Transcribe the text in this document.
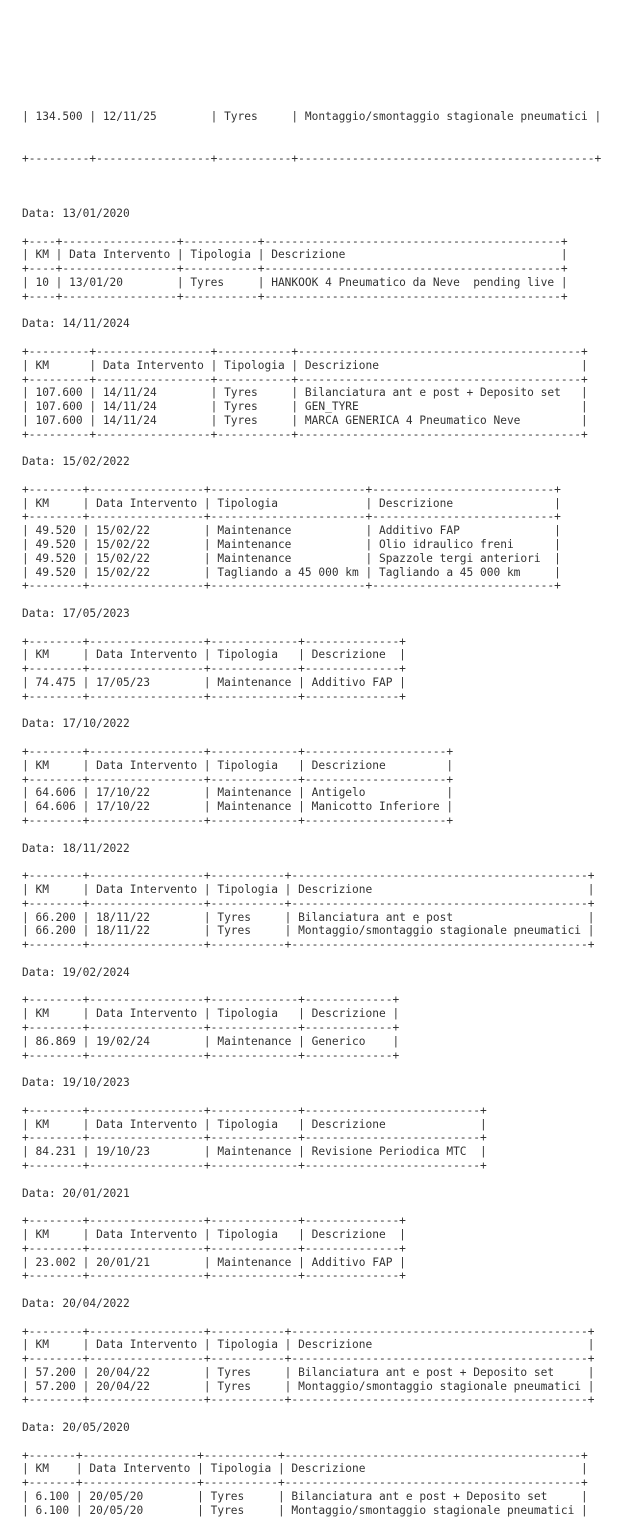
| 134.500 | 12/11/25        | Tyres     | Montaggio/smontaggio stagionale pneumatici |

+---------+-----------------+-----------+--------------------------------------------+

Data: 13/01/2020
+----+-----------------+-----------+--------------------------------------------+
| KM | Data Intervento | Tipologia | Descrizione                                |
+----+-----------------+-----------+--------------------------------------------+
| 10 | 13/01/20        | Tyres     | HANKOOK 4 Pneumatico da Neve  pending live |
+----+-----------------+-----------+--------------------------------------------+
Data: 14/11/2024
+---------+-----------------+-----------+------------------------------------------+
| KM      | Data Intervento | Tipologia | Descrizione                              |
+---------+-----------------+-----------+------------------------------------------+
| 107.600 | 14/11/24        | Tyres     | Bilanciatura ant e post + Deposito set   |
| 107.600 | 14/11/24        | Tyres     | GEN_TYRE                                 |
| 107.600 | 14/11/24        | Tyres     | MARCA GENERICA 4 Pneumatico Neve         |
+---------+-----------------+-----------+------------------------------------------+
Data: 15/02/2022
+--------+-----------------+-----------------------+---------------------------+
| KM     | Data Intervento | Tipologia             | Descrizione               |
+--------+-----------------+-----------------------+---------------------------+
| 49.520 | 15/02/22        | Maintenance           | Additivo FAP              |
| 49.520 | 15/02/22        | Maintenance           | Olio idraulico freni      |
| 49.520 | 15/02/22        | Maintenance           | Spazzole tergi anteriori  |
| 49.520 | 15/02/22        | Tagliando a 45 000 km | Tagliando a 45 000 km     |
+--------+-----------------+-----------------------+---------------------------+
Data: 17/05/2023
+--------+-----------------+-------------+--------------+
| KM     | Data Intervento | Tipologia   | Descrizione  |
+--------+-----------------+-------------+--------------+
| 74.475 | 17/05/23        | Maintenance | Additivo FAP |
+--------+-----------------+-------------+--------------+
Data: 17/10/2022
+--------+-----------------+-------------+---------------------+
| KM     | Data Intervento | Tipologia   | Descrizione         |
+--------+-----------------+-------------+---------------------+
| 64.606 | 17/10/22        | Maintenance | Antigelo            |
| 64.606 | 17/10/22        | Maintenance | Manicotto Inferiore |
+--------+-----------------+-------------+---------------------+
Data: 18/11/2022
+--------+-----------------+-----------+--------------------------------------------+
| KM     | Data Intervento | Tipologia | Descrizione                                |
+--------+-----------------+-----------+--------------------------------------------+
| 66.200 | 18/11/22        | Tyres     | Bilanciatura ant e post                    |
| 66.200 | 18/11/22        | Tyres     | Montaggio/smontaggio stagionale pneumatici |
+--------+-----------------+-----------+--------------------------------------------+
Data: 19/02/2024
+--------+-----------------+-------------+-------------+
| KM     | Data Intervento | Tipologia   | Descrizione |
+--------+-----------------+-------------+-------------+
| 86.869 | 19/02/24        | Maintenance | Generico    |
+--------+-----------------+-------------+-------------+
Data: 19/10/2023
+--------+-----------------+-------------+--------------------------+
| KM     | Data Intervento | Tipologia   | Descrizione              |
+--------+-----------------+-------------+--------------------------+
| 84.231 | 19/10/23        | Maintenance | Revisione Periodica MTC  |
+--------+-----------------+-------------+--------------------------+
Data: 20/01/2021
+--------+-----------------+-------------+--------------+
| KM     | Data Intervento | Tipologia   | Descrizione  |
+--------+-----------------+-------------+--------------+
| 23.002 | 20/01/21        | Maintenance | Additivo FAP |
+--------+-----------------+-------------+--------------+
Data: 20/04/2022
+--------+-----------------+-----------+--------------------------------------------+
| KM     | Data Intervento | Tipologia | Descrizione                                |
+--------+-----------------+-----------+--------------------------------------------+
| 57.200 | 20/04/22        | Tyres     | Bilanciatura ant e post + Deposito set     |
| 57.200 | 20/04/22        | Tyres     | Montaggio/smontaggio stagionale pneumatici |
+--------+-----------------+-----------+--------------------------------------------+
Data: 20/05/2020
+-------+-----------------+-----------+--------------------------------------------+
| KM    | Data Intervento | Tipologia | Descrizione                                |
+-------+-----------------+-----------+--------------------------------------------+
| 6.100 | 20/05/20        | Tyres     | Bilanciatura ant e post + Deposito set     |
| 6.100 | 20/05/20        | Tyres     | Montaggio/smontaggio stagionale pneumatici |
